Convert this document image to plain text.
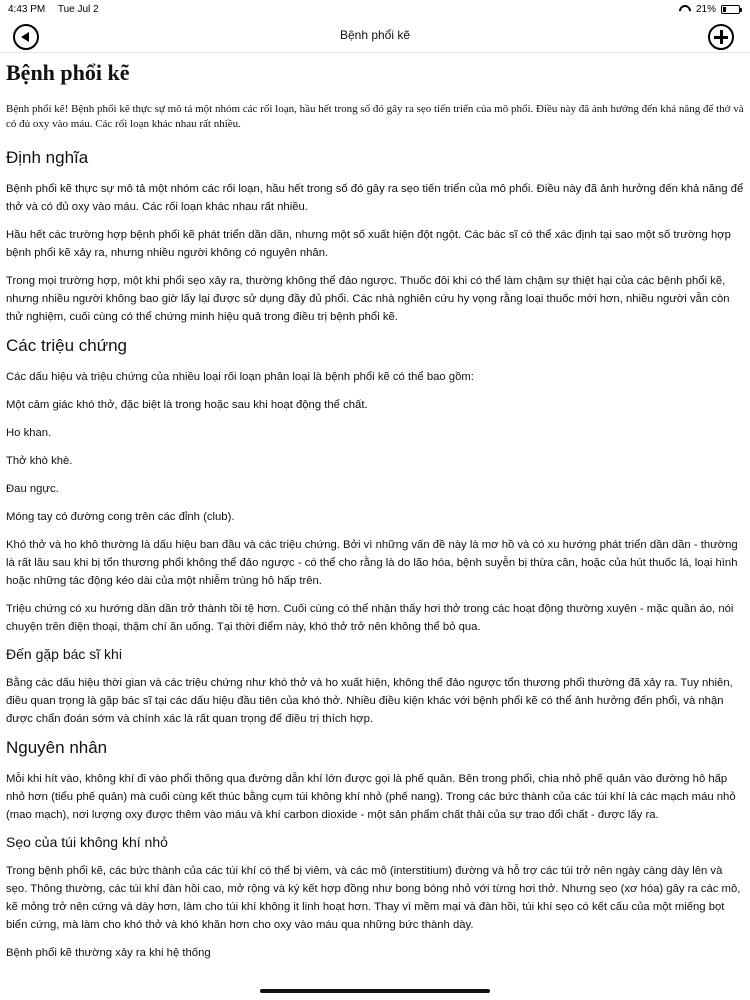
4:43 PM Tue Jul 2	21%
Bệnh phổi kẽ
Bệnh phổi kẽ
Bệnh phổi kẽ! Bệnh phổi kẽ thực sự mô tả một nhóm các rối loạn, hầu hết trong số đó gây ra sẹo tiến triển của mô phổi. Điều này đã ảnh hưởng đến khả năng để thở và có đủ oxy vào máu. Các rối loạn khác nhau rất nhiều.
Định nghĩa

Bệnh phổi kẽ thực sự mô tả một nhóm các rối loạn, hầu hết trong số đó gây ra sẹo tiến triển của mô phổi. Điều này đã ảnh hưởng đến khả năng để thở và có đủ oxy vào máu. Các rối loạn khác nhau rất nhiều.

Hầu hết các trường hợp bệnh phổi kẽ phát triển dần dần, nhưng một số xuất hiện đột ngột. Các bác sĩ có thể xác định tại sao một số trường hợp bệnh phổi kẽ xảy ra, nhưng nhiều người không có nguyên nhân.

Trong mọi trường hợp, một khi phổi sẹo xảy ra, thường không thể đảo ngược. Thuốc đôi khi có thể làm chậm sự thiệt hại của các bệnh phổi kẽ, nhưng nhiều người không bao giờ lấy lại được sử dụng đầy đủ phổi. Các nhà nghiên cứu hy vọng rằng loại thuốc mới hơn, nhiều người vẫn còn thử nghiệm, cuối cùng có thể chứng minh hiệu quả trong điều trị bệnh phổi kẽ.

Các triệu chứng

Các dấu hiệu và triệu chứng của nhiều loại rối loạn phân loại là bệnh phổi kẽ có thể bao gồm:

Một cảm giác khó thở, đặc biệt là trong hoặc sau khi hoạt động thể chất.

Ho khan.

Thở khò khè.

Đau ngực.

Móng tay có đường cong trên các đỉnh (club).

Khó thở và ho khô thường là dấu hiệu ban đầu và các triệu chứng. Bởi vì những vấn đề này là mơ hồ và có xu hướng phát triển dần dần - thường là rất lâu sau khi bị tổn thương phổi không thể đảo ngược - có thể cho rằng là do lão hóa, bệnh suyễn bị thừa cân, hoặc của hút thuốc lá, loại hình hoặc những tác động kéo dài của một nhiễm trùng hô hấp trên.

Triệu chứng có xu hướng dần dần trở thành tồi tệ hơn. Cuối cùng có thể nhận thấy hơi thở trong các hoạt động thường xuyên - mặc quần áo, nói chuyện trên điện thoại, thậm chí ăn uống. Tại thời điểm này, khó thở trở nên không thể bỏ qua.

Đến gặp bác sĩ khi

Bằng các dấu hiệu thời gian và các triệu chứng như khó thở và ho xuất hiện, không thể đảo ngược tổn thương phổi thường đã xảy ra. Tuy nhiên, điều quan trọng là gặp bác sĩ tại các dấu hiệu đầu tiên của khó thở. Nhiều điều kiện khác với bệnh phổi kẽ có thể ảnh hưởng đến phổi, và nhận được chẩn đoán sớm và chính xác là rất quan trọng để điều trị thích hợp.

Nguyên nhân

Mỗi khi hít vào, không khí đi vào phổi thông qua đường dẫn khí lớn được gọi là phế quản. Bên trong phổi, chia nhỏ phế quản vào đường hô hấp nhỏ hơn (tiểu phế quản) mà cuối cùng kết thúc bằng cụm túi không khí nhỏ (phế nang). Trong các bức thành của các túi khí là các mạch máu nhỏ (mao mạch), nơi lượng oxy được thêm vào máu và khí carbon dioxide - một sản phẩm chất thải của sự trao đổi chất - được lấy ra.

Sẹo của túi không khí nhỏ

Trong bệnh phổi kẽ, các bức thành của các túi khí có thể bị viêm, và các mô (interstitium) đường và hỗ trợ các túi trở nên ngày càng dày lên và sẹo. Thông thường, các túi khí đàn hồi cao, mở rộng và ký kết hợp đồng như bong bóng nhỏ với từng hơi thở. Nhưng sẹo (xơ hóa) gây ra các mô, kẽ mỏng trở nên cứng và dày hơn, làm cho túi khí không it linh hoạt hơn. Thay vì mềm mại và đàn hồi, túi khí sẹo có kết cấu của một miếng bọt biển cứng, mà làm cho khó thở và khó khăn hơn cho oxy vào máu qua những bức thành dày.

Bệnh phổi kẽ thường xảy ra khi hệ thống
